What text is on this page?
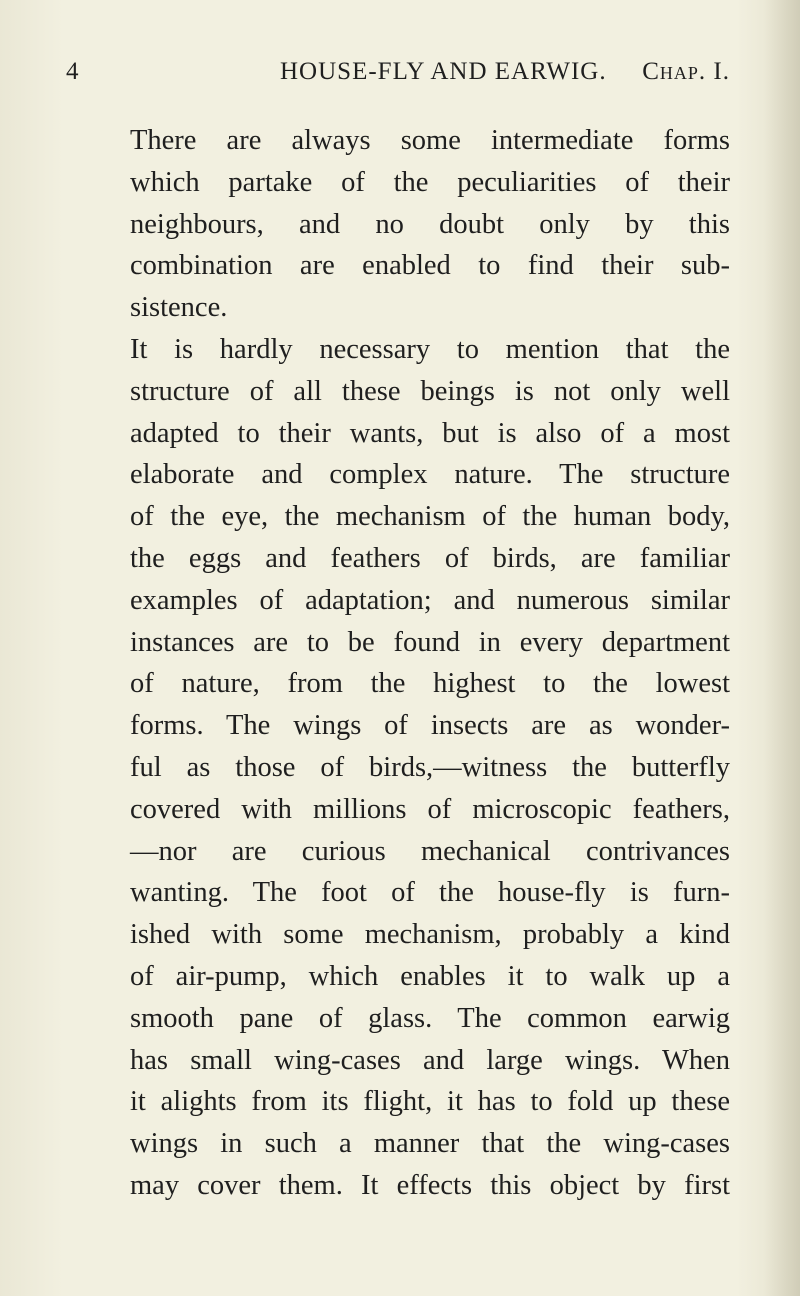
4	HOUSE-FLY AND EARWIG. Chap. I.
There are always some intermediate forms
which partake of the peculiarities of their
neighbours, and no doubt only by this
combination are enabled to find their sub-
sistence.
It is hardly necessary to mention that the
structure of all these beings is not only well
adapted to their wants, but is also of a most
elaborate and complex nature. The structure
of the eye, the mechanism of the human body,
the eggs and feathers of birds, are familiar
examples of adaptation; and numerous similar
instances are to be found in every department
of nature, from the highest to the lowest
forms. The wings of insects are as wonder-
ful as those of birds,—witness the butterfly
covered with millions of microscopic feathers,
—nor are curious mechanical contrivances
wanting. The foot of the house-fly is furn-
ished with some mechanism, probably a kind
of air-pump, which enables it to walk up a
smooth pane of glass. The common earwig
has small wing-cases and large wings. When
it alights from its flight, it has to fold up these
wings in such a manner that the wing-cases
may cover them. It effects this object by first
